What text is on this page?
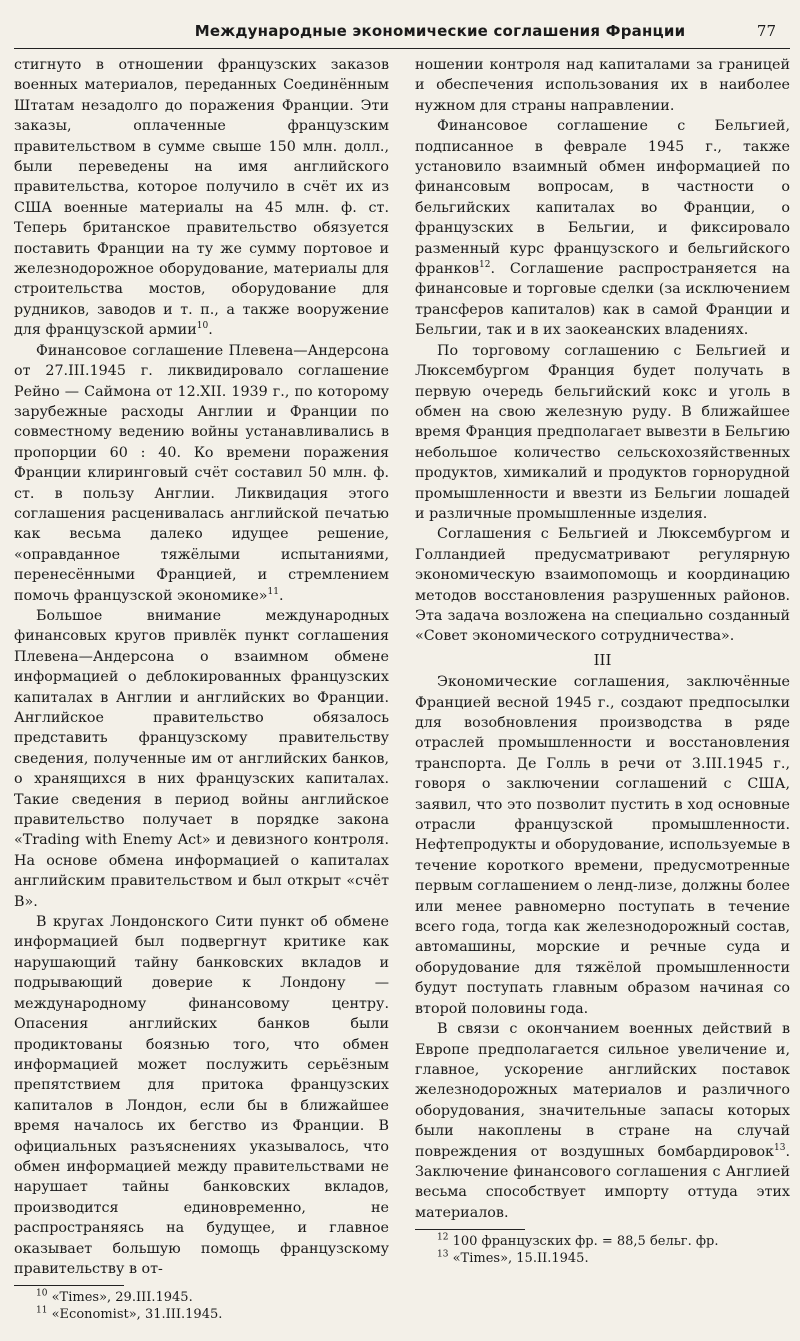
Международные экономические соглашения Франции	77

стигнуто в отношении французских заказов военных материалов, переданных Соединённым Штатам незадолго до поражения Франции. Эти заказы, оплаченные французским правительством в сумме свыше 150 млн. долл., были переведены на имя английского правительства, которое получило в счёт их из США военные материалы на 45 млн. ф. ст. Теперь британское правительство обязуется поставить Франции на ту же сумму портовое и железнодорожное оборудование, материалы для строительства мостов, оборудование для рудников, заводов и т. п., а также вооружение для французской армии$^{10}$.

Финансовое соглашение Плевена—Андерсона от 27.III.1945 г. ликвидировало соглашение Рейно — Саймона от 12.XII. 1939 г., по которому зарубежные расходы Англии и Франции по совместному ведению войны устанавливались в пропорции 60 : 40. Ко времени поражения Франции клиринговый счёт составил 50 млн. ф. ст. в пользу Англии. Ликвидация этого соглашения расценивалась английской печатью как весьма далеко идущее решение, «оправданное тяжёлыми испытаниями, перенесёнными Францией, и стремлением помочь французской экономике»$^{11}$.

Большое внимание международных финансовых кругов привлёк пункт соглашения Плевена—Андерсона о взаимном обмене информацией о деблокированных французских капиталах в Англии и английских во Франции. Английское правительство обязалось представить французскому правительству сведения, полученные им от английских банков, о хранящихся в них французских капиталах. Такие сведения в период войны английское правительство получает в порядке закона «Trading with Enemy Act» и девизного контроля. На основе обмена информацией о капиталах английским правительством и был открыт «счёт В».

В кругах Лондонского Сити пункт об обмене информацией был подвергнут критике как нарушающий тайну банковских вкладов и подрывающий доверие к Лондону — международному финансовому центру. Опасения английских банков были продиктованы боязнью того, что обмен информацией может послужить серьёзным препятствием для притока французских капиталов в Лондон, если бы в ближайшее время началось их бегство из Франции. В официальных разъяснениях указывалось, что обмен информацией между правительствами не нарушает тайны банковских вкладов, производится единовременно, не распространяясь на будущее, и главное оказывает большую помощь французскому правительству в от-

$^{10}$ «Times», 29.III.1945.
$^{11}$ «Economist», 31.III.1945.

ношении контроля над капиталами за границей и обеспечения использования их в наиболее нужном для страны направлении.

Финансовое соглашение с Бельгией, подписанное в феврале 1945 г., также установило взаимный обмен информацией по финансовым вопросам, в частности о бельгийских капиталах во Франции, о французских в Бельгии, и фиксировало разменный курс французского и бельгийского франков$^{12}$. Соглашение распространяется на финансовые и торговые сделки (за исключением трансферов капиталов) как в самой Франции и Бельгии, так и в их заокеанских владениях.

По торговому соглашению с Бельгией и Люксембургом Франция будет получать в первую очередь бельгийский кокс и уголь в обмен на свою железную руду. В ближайшее время Франция предполагает вывезти в Бельгию небольшое количество сельскохозяйственных продуктов, химикалий и продуктов горнорудной промышленности и ввезти из Бельгии лошадей и различные промышленные изделия.

Соглашения с Бельгией и Люксембургом и Голландией предусматривают регулярную экономическую взаимопомощь и координацию методов восстановления разрушенных районов. Эта задача возложена на специально созданный «Совет экономического сотрудничества».

III

Экономические соглашения, заключённые Францией весной 1945 г., создают предпосылки для возобновления производства в ряде отраслей промышленности и восстановления транспорта. Де Голль в речи от 3.III.1945 г., говоря о заключении соглашений с США, заявил, что это позволит пустить в ход основные отрасли французской промышленности. Нефтепродукты и оборудование, используемые в течение короткого времени, предусмотренные первым соглашением о ленд-лизе, должны более или менее равномерно поступать в течение всего года, тогда как железнодорожный состав, автомашины, морские и речные суда и оборудование для тяжёлой промышленности будут поступать главным образом начиная со второй половины года.

В связи с окончанием военных действий в Европе предполагается сильное увеличение и, главное, ускорение английских поставок железнодорожных материалов и различного оборудования, значительные запасы которых были накоплены в стране на случай повреждения от воздушных бомбардировок$^{13}$. Заключение финансового соглашения с Англией весьма способствует импорту оттуда этих материалов.

$^{12}$ 100 французских фр. = 88,5 бельг. фр.
$^{13}$ «Times», 15.II.1945.
